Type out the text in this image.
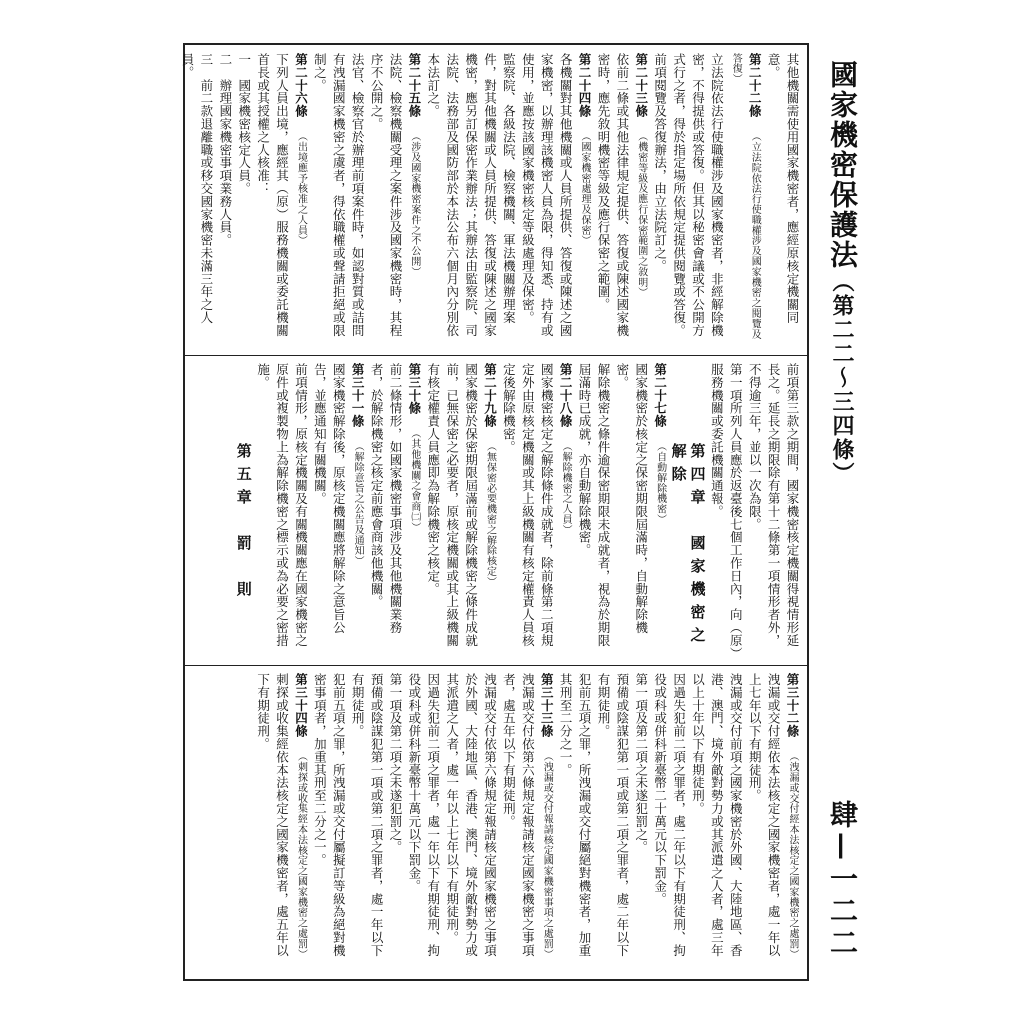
國家機密保護法（第二二～三四條）
肆—一二二

其他機關需使用國家機密者，應經原核定機關同意。

第二十二條　（立法院依法行使職權涉及國家機密之閱覽及答復）

立法院依法行使職權涉及國家機密者，非經解除機密，不得提供或答復。但其以秘密會議或不公開方式行之者，得於指定場所依規定提供閱覽或答復。

前項閱覽及答復辦法，由立法院訂之。

第二十三條　（機密等級及應行保密範圍之敘明）

依前二條或其他法律規定提供、答復或陳述國家機密時，應先敘明機密等級及應行保密之範圍。

第二十四條　（國家機密處理及保密）

各機關對其他機關或人員所提供、答復或陳述之國家機密，以辦理該機密人員為限，得知悉、持有或使用，並應按該國家機密核定等級處理及保密。

監察院、各級法院、檢察機關、軍法機關辦理案件，對其他機關或人員所提供、答復或陳述之國家機密，應另訂保密作業辦法；其辦法由監察院、司法院、法務部及國防部於本法公布六個月內分別依本法訂之。

第二十五條　（涉及國家機密案件之不公開）

法院、檢察機關受理之案件涉及國家機密時，其程序不公開之。

法官、檢察官於辦理前項案件時，如認對質或詰問有洩漏國家機密之虞者，得依職權或聲請拒絕或限制之。

第二十六條　（出境應予核准之人員）

下列人員出境，應經其（原）服務機關或委託機關首長或其授權之人核准：

一　國家機密核定人員。

二　辦理國家機密事項業務人員。

三　前二款退離職或移交國家機密未滿三年之人員。

前項第三款之期間，國家機密核定機關得視情形延長之。延長之期限除有第十二條第一項情形者外，不得逾三年，並以一次為限。

第一項所列人員應於返臺後七個工作日內，向（原）服務機關或委託機關通報。

第四章　國家機密之解除

第二十七條　（自動解除機密）

國家機密於核定之保密期限屆滿時，自動解除機密。

解除機密之條件逾保密期限未成就者，視為於期限屆滿時已成就，亦自動解除機密。

第二十八條　（解除機密之人員）

國家機密核定之解除條件成就者，除前條第二項規定外由原核定機關或其上級機關有核定權責人員核定後解除機密。

第二十九條　（無保密必要機密之解除核定）

國家機密於保密期限屆滿前或解除機密之條件成就前，已無保密之必要者，原核定機關或其上級機關有核定權責人員應即為解除機密之核定。

第三十條　（其他機關之會商㈡）

前二條情形，如國家機密事項涉及其他機關業務者，於解除機密之核定前應會商該他機關。

第三十一條　（解除意旨之公告及通知）

國家機密解除後，原核定機關應將解除之意旨公告，並應通知有關機關。

前項情形，原核定機關及有關機關應在國家機密之原件或複製物上為解除機密之標示或為必要之密措施。

第五章　罰　則

第三十二條　（洩漏或交付經本法核定之國家機密之處罰）

洩漏或交付經依本法核定之國家機密者，處一年以上七年以下有期徒刑。

洩漏或交付前項之國家機密於外國、大陸地區、香港、澳門、境外敵對勢力或其派遣之人者，處三年以上十年以下有期徒刑。

因過失犯前二項之罪者，處二年以下有期徒刑、拘役或科或併科新臺幣二十萬元以下罰金。

第一項及第二項之未遂犯罰之。

預備或陰謀犯第一項或第二項之罪者，處二年以下有期徒刑。

犯前五項之罪，所洩漏或交付屬絕對機密者，加重其刑至二分之一。

第三十三條　（洩漏或交付報請核定國家機密事項之處罰）

洩漏或交付依第六條規定報請核定國家機密之事項者，處五年以下有期徒刑。

洩漏或交付依第六條規定報請核定國家機密之事項於外國、大陸地區、香港、澳門、境外敵對勢力或其派遣之人者，處一年以上七年以下有期徒刑。

因過失犯前二項之罪者，處一年以下有期徒刑、拘役或科或併科新臺幣十萬元以下罰金。

第一項及第二項之未遂犯罰之。

預備或陰謀犯第一項或第二項之罪者，處一年以下有期徒刑。

犯前五項之罪，所洩漏或交付屬擬訂等級為絕對機密事項者，加重其刑至二分之一。

第三十四條　（刺探或收集經本法核定之國家機密之處罰）

刺探或收集經依本法核定之國家機密者，處五年以下有期徒刑。
